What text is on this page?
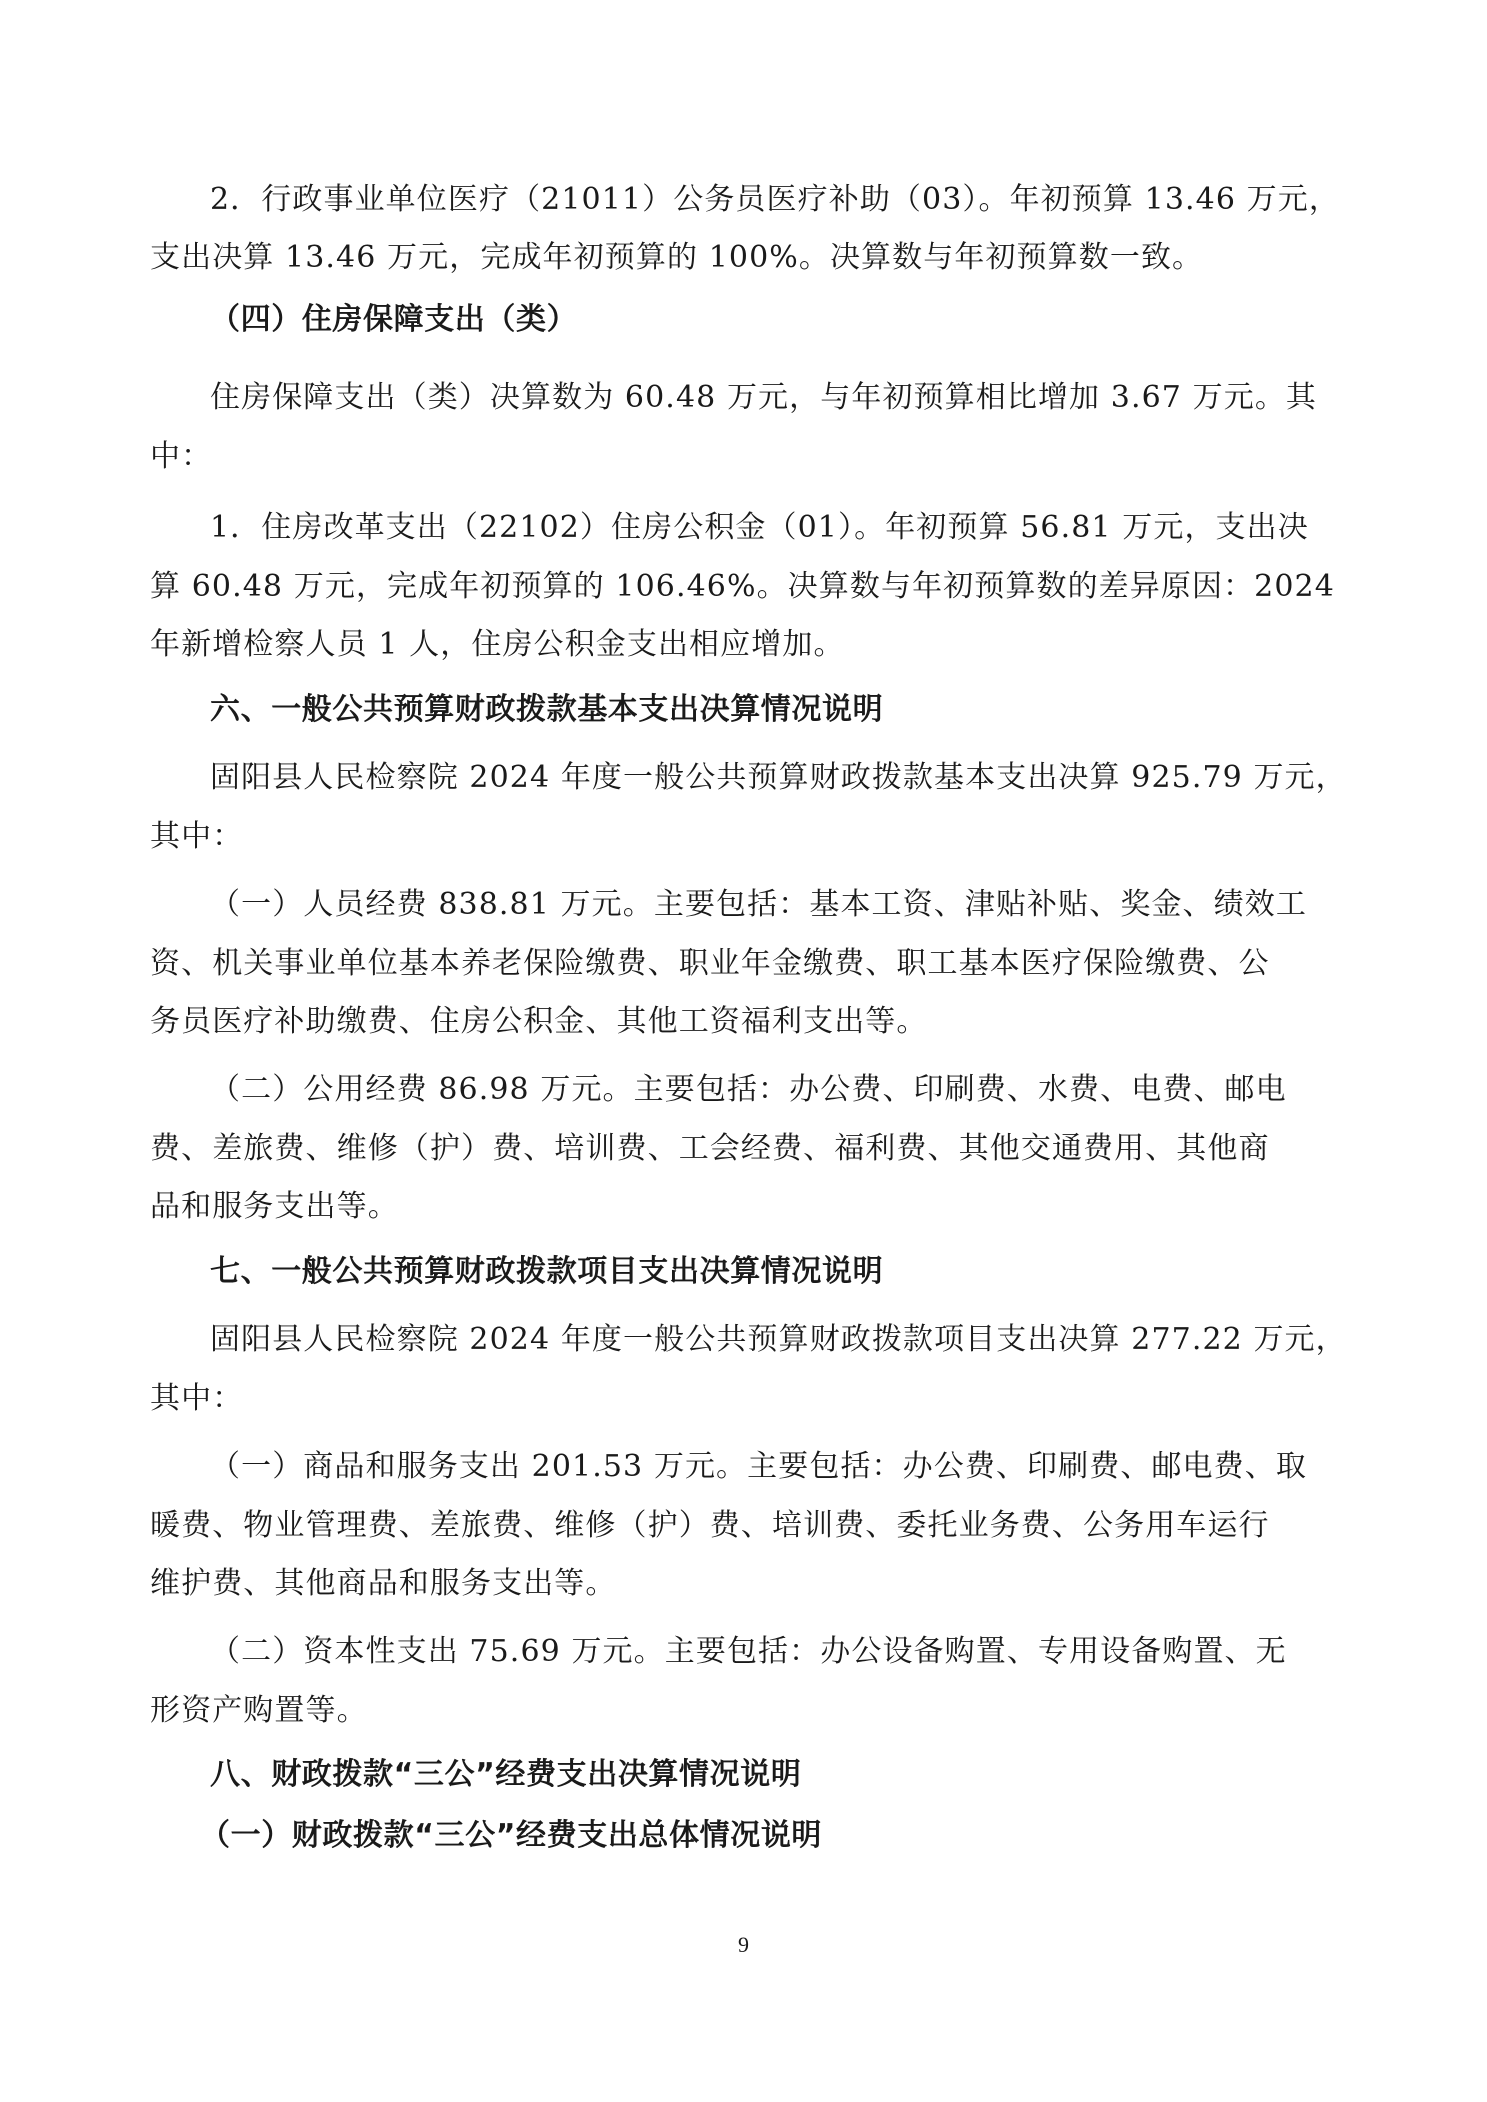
2．行政事业单位医疗（21011）公务员医疗补助（03）。年初预算 13.46 万元，
支出决算 13.46 万元，完成年初预算的 100%。决算数与年初预算数一致。
（四）住房保障支出（类）
住房保障支出（类）决算数为 60.48 万元，与年初预算相比增加 3.67 万元。其
中：
1．住房改革支出（22102）住房公积金（01）。年初预算 56.81 万元，支出决
算 60.48 万元，完成年初预算的 106.46%。决算数与年初预算数的差异原因：2024
年新增检察人员 1 人，住房公积金支出相应增加。
六、一般公共预算财政拨款基本支出决算情况说明
固阳县人民检察院 2024 年度一般公共预算财政拨款基本支出决算 925.79 万元，
其中：
（一）人员经费 838.81 万元。主要包括：基本工资、津贴补贴、奖金、绩效工
资、机关事业单位基本养老保险缴费、职业年金缴费、职工基本医疗保险缴费、公
务员医疗补助缴费、住房公积金、其他工资福利支出等。
（二）公用经费 86.98 万元。主要包括：办公费、印刷费、水费、电费、邮电
费、差旅费、维修（护）费、培训费、工会经费、福利费、其他交通费用、其他商
品和服务支出等。
七、一般公共预算财政拨款项目支出决算情况说明
固阳县人民检察院 2024 年度一般公共预算财政拨款项目支出决算 277.22 万元，
其中：
（一）商品和服务支出 201.53 万元。主要包括：办公费、印刷费、邮电费、取
暖费、物业管理费、差旅费、维修（护）费、培训费、委托业务费、公务用车运行
维护费、其他商品和服务支出等。
（二）资本性支出 75.69 万元。主要包括：办公设备购置、专用设备购置、无
形资产购置等。
八、财政拨款“三公”经费支出决算情况说明
（一）财政拨款“三公”经费支出总体情况说明
9
